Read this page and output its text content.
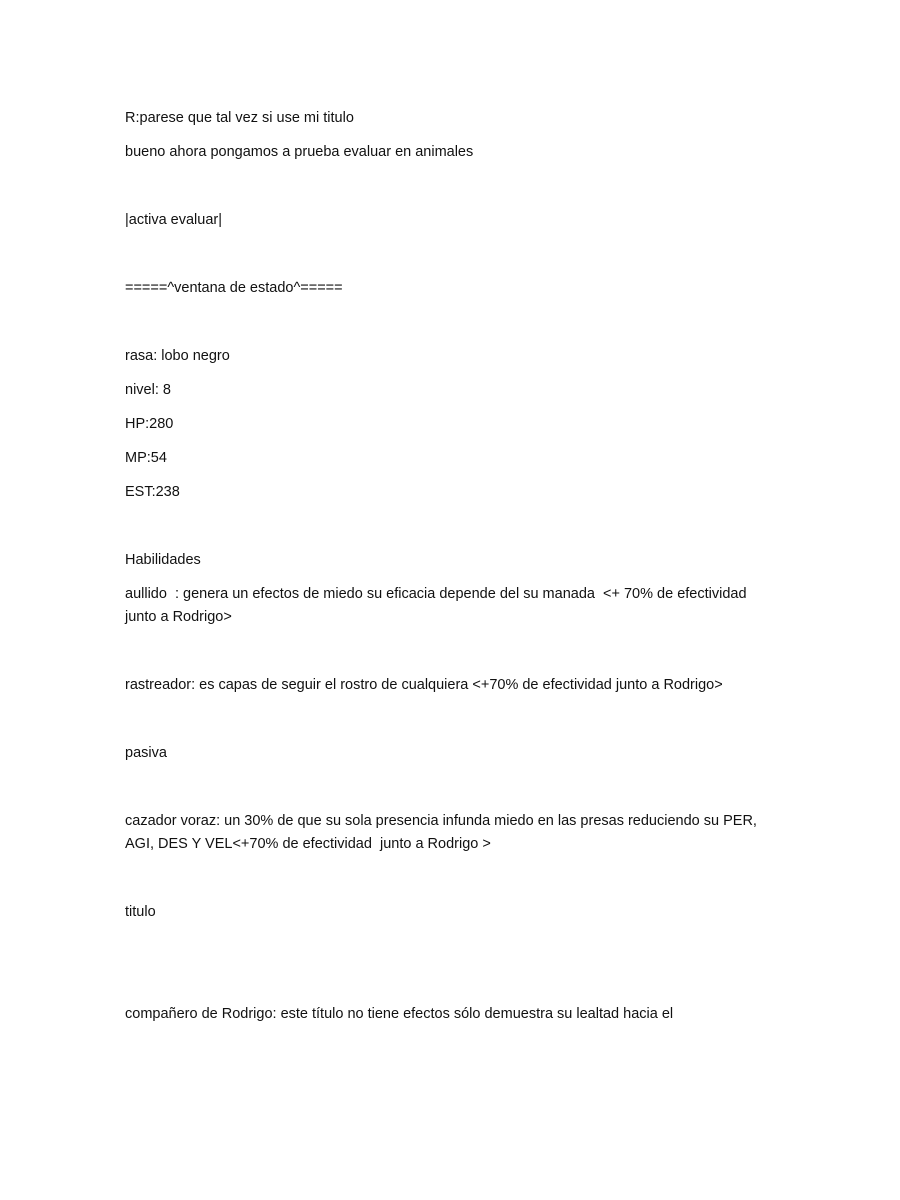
R:parese que tal vez si use mi titulo
bueno ahora pongamos a prueba evaluar en animales
|activa evaluar|
=====^ventana de estado^=====
rasa: lobo negro
nivel: 8
HP:280
MP:54
EST:238
Habilidades
aullido  : genera un efectos de miedo su eficacia depende del su manada  <+ 70% de efectividad junto a Rodrigo>
rastreador: es capas de seguir el rostro de cualquiera <+70% de efectividad junto a Rodrigo>
pasiva
cazador voraz: un 30% de que su sola presencia infunda miedo en las presas reduciendo su PER, AGI, DES Y VEL<+70% de efectividad  junto a Rodrigo >
titulo
compañero de Rodrigo: este título no tiene efectos sólo demuestra su lealtad hacia el
